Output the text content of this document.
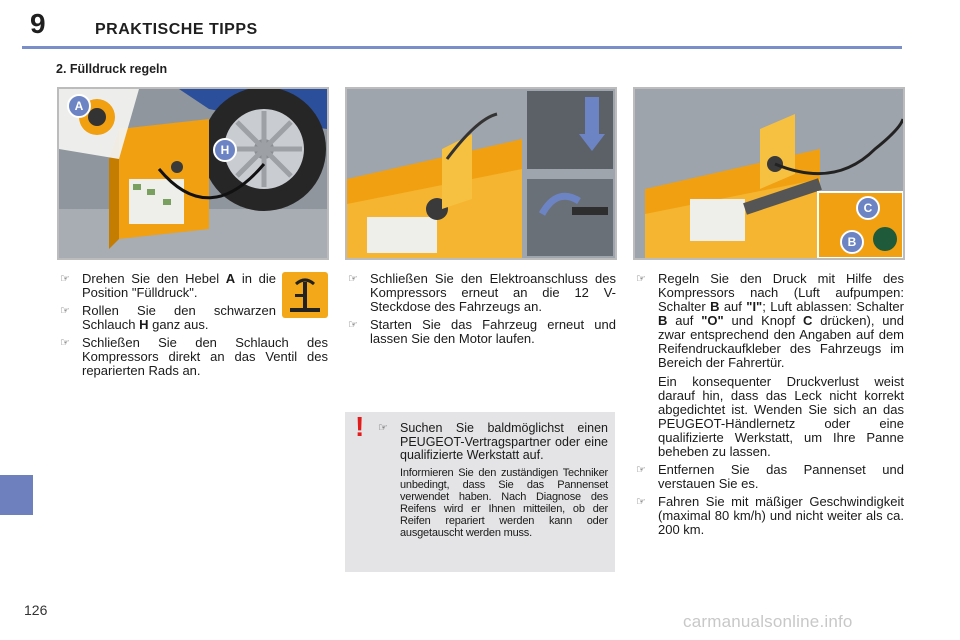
9	PRAKTISCHE TIPPS
2. Fülldruck regeln
A
H
C
B
☞ Drehen Sie den Hebel A in die Position "Fülldruck".
☞ Rollen Sie den schwarzen Schlauch H ganz aus.
☞ Schließen Sie den Schlauch des Kompressors direkt an das Ventil des reparierten Rads an.
☞ Schließen Sie den Elektroanschluss des Kompressors erneut an die 12 V-Steckdose des Fahrzeugs an.
☞ Starten Sie das Fahrzeug erneut und lassen Sie den Motor laufen.
! ☞ Suchen Sie baldmöglichst einen PEUGEOT-Vertragspartner oder eine qualifizierte Werkstatt auf.
Informieren Sie den zuständigen Techniker unbedingt, dass Sie das Pannenset verwendet haben. Nach Diagnose des Reifens wird er Ihnen mitteilen, ob der Reifen repariert werden kann oder ausgetauscht werden muss.
☞ Regeln Sie den Druck mit Hilfe des Kompressors nach (Luft aufpumpen: Schalter B auf "I"; Luft ablassen: Schalter B auf "O" und Knopf C drücken), und zwar entsprechend den Angaben auf dem Reifendruckaufkleber des Fahrzeugs im Bereich der Fahrertür.
Ein konsequenter Druckverlust weist darauf hin, dass das Leck nicht korrekt abgedichtet ist. Wenden Sie sich an das PEUGEOT-Händlernetz oder eine qualifizierte Werkstatt, um Ihre Panne beheben zu lassen.
☞ Entfernen Sie das Pannenset und verstauen Sie es.
☞ Fahren Sie mit mäßiger Geschwindigkeit (maximal 80 km/h) und nicht weiter als ca. 200 km.
126
carmanualsonline.info
